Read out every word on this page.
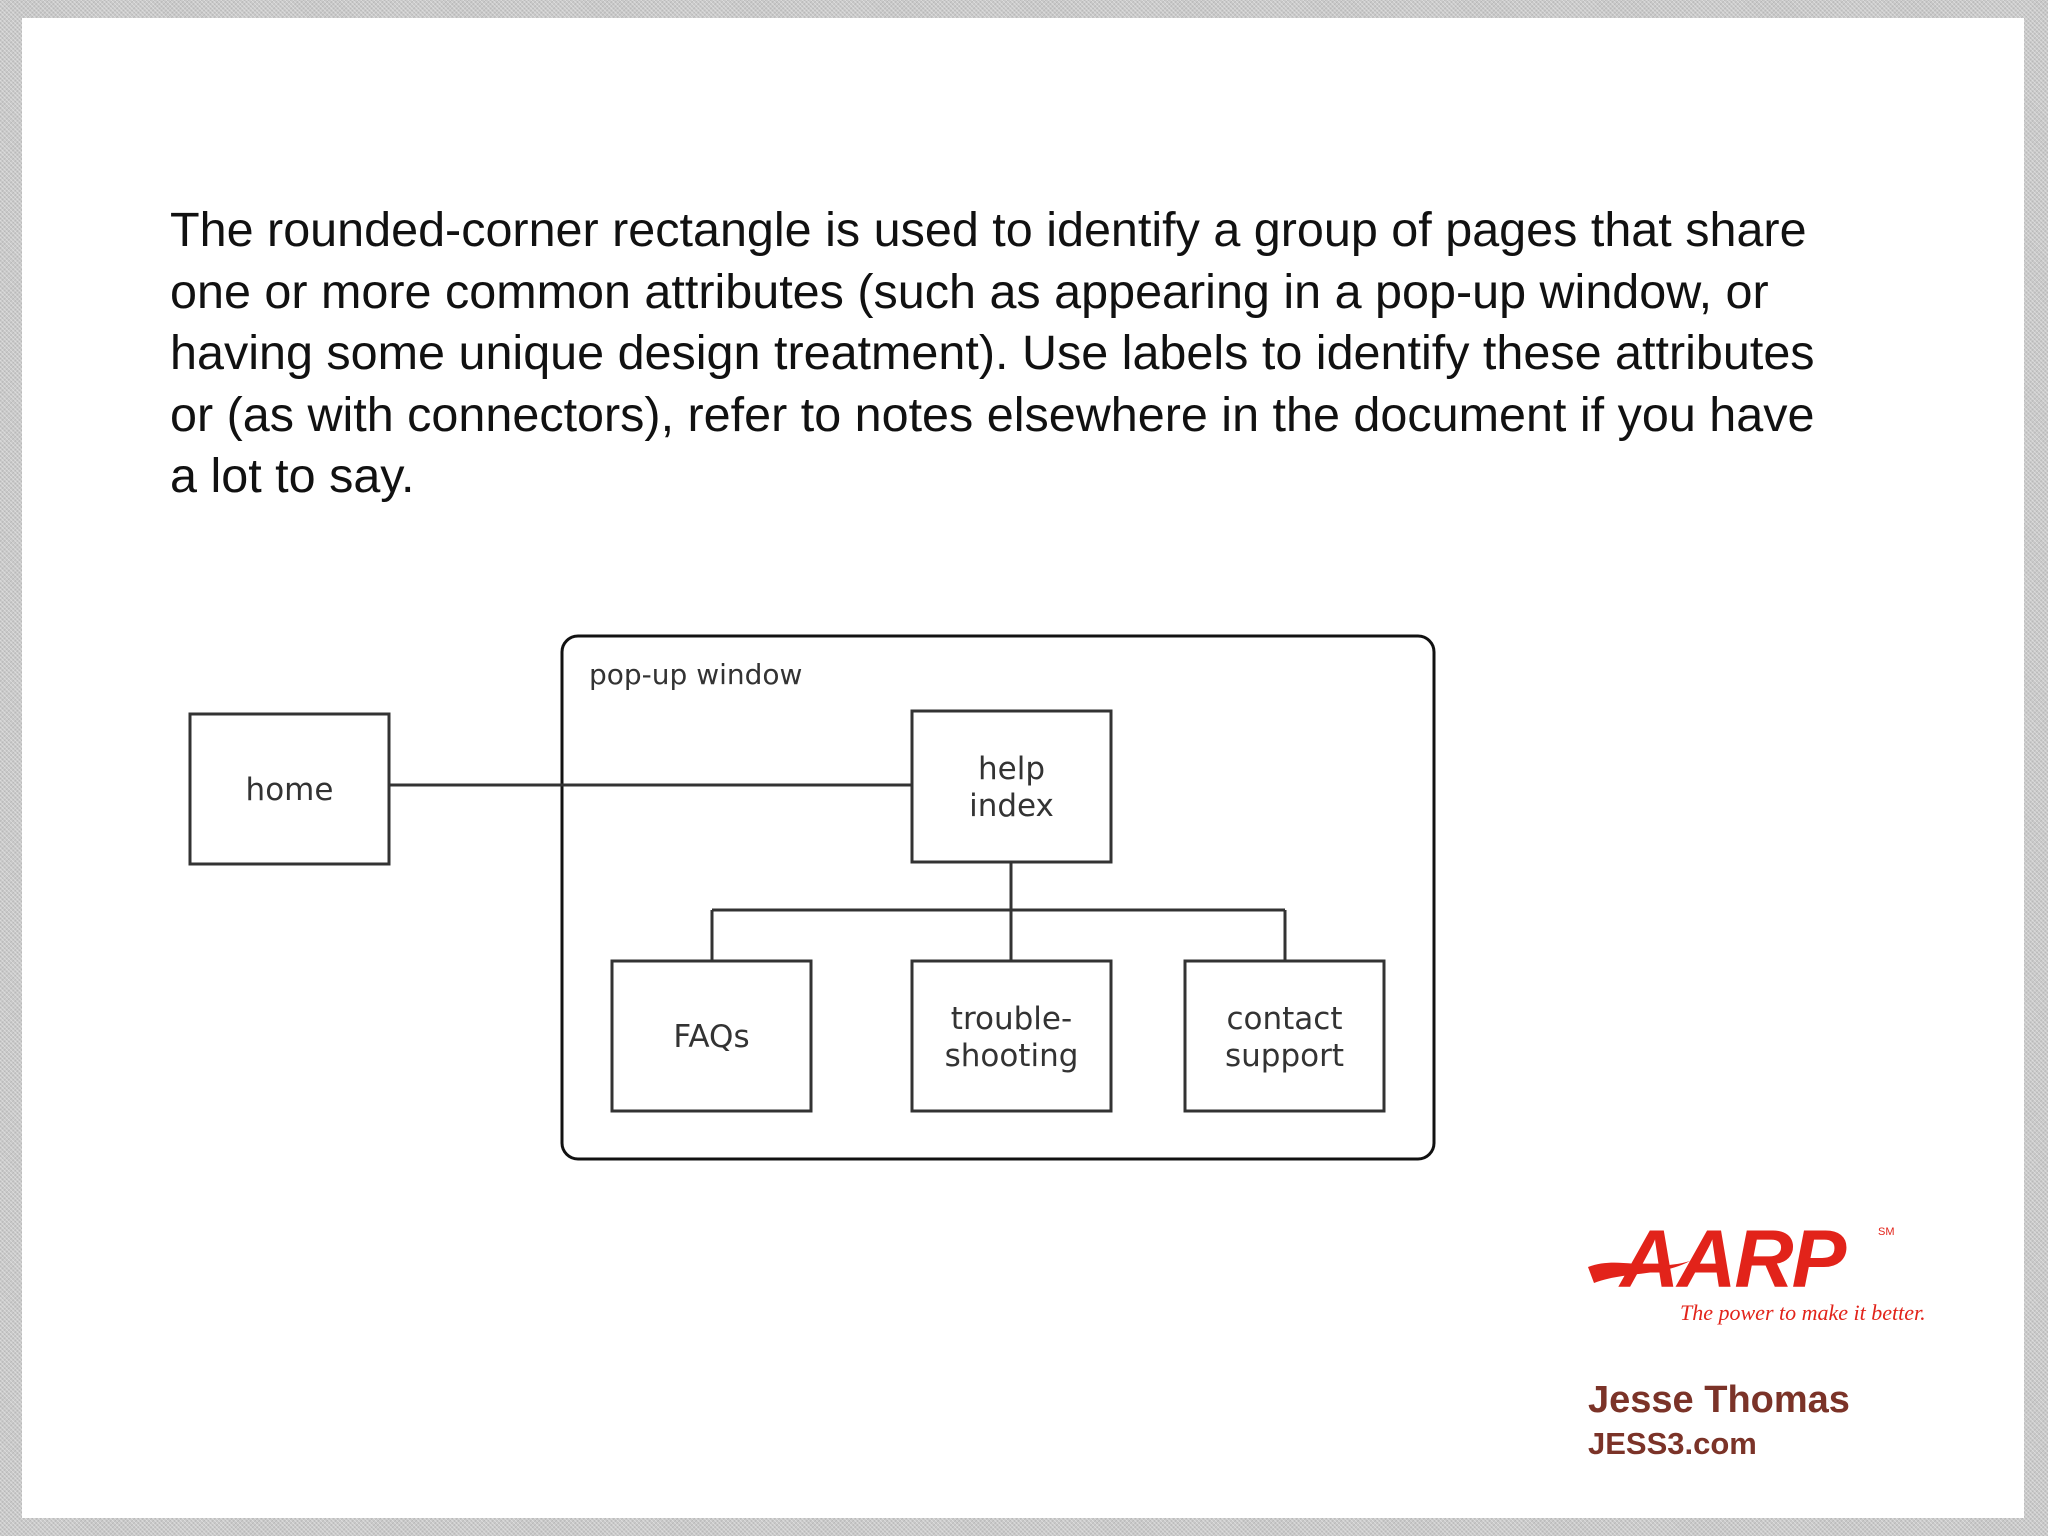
The rounded-corner rectangle is used to identify a group of pages that share one or more common attributes (such as appearing in a pop-up window, or having some unique design treatment). Use labels to identify these attributes or (as with connectors), refer to notes elsewhere in the document if you have a lot to say.

pop-up window
home
help
index
FAQs	trouble-
shooting
contact
support
AARP	SM
The power to make it better.

Jesse Thomas

JESS3.com
